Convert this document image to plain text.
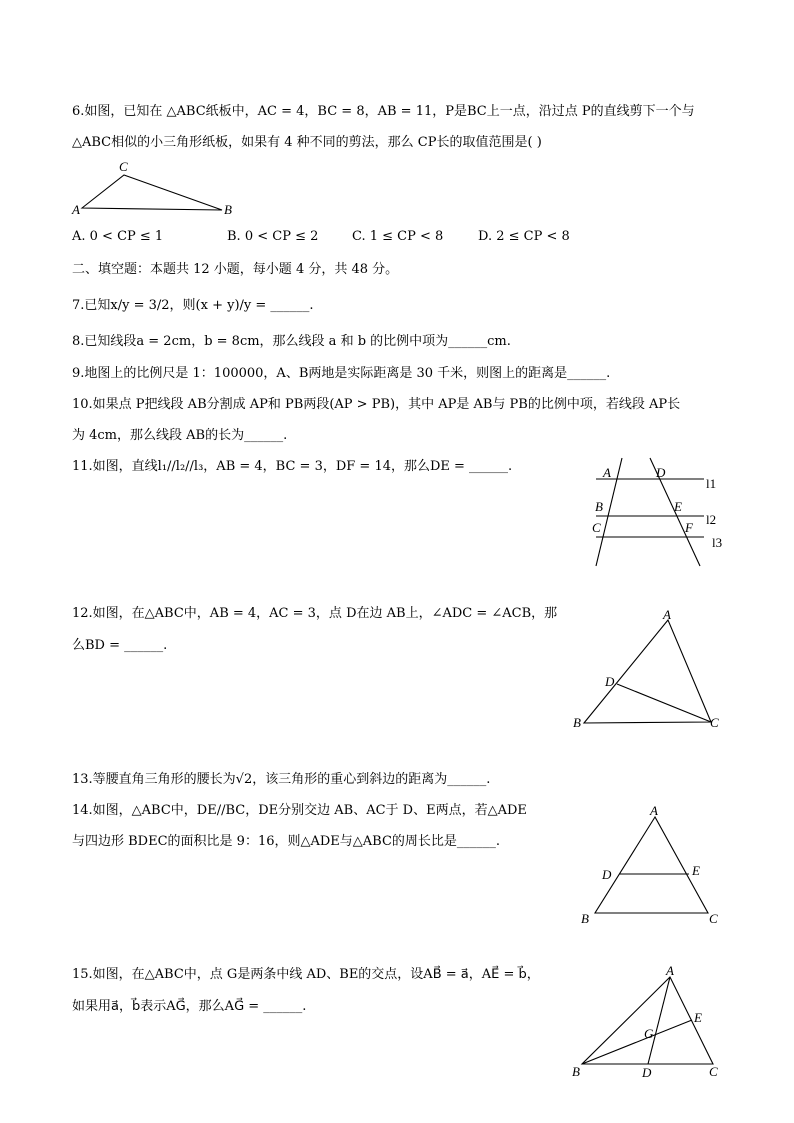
6.如图，已知在 △ABC纸板中，AC = 4，BC = 8，AB = 11，P是BC上一点，沿过点 P的直线剪下一个与
△ABC相似的小三角形纸板，如果有 4 种不同的剪法，那么 CP长的取值范围是( )
C
A	B
A. 0 < CP ≤ 1	B. 0 < CP ≤ 2	C. 1 ≤ CP < 8	D. 2 ≤ CP < 8
二、填空题：本题共 12 小题，每小题 4 分，共 48 分。
7.已知x/y = 3/2，则(x + y)/y = ______.
8.已知线段a = 2cm，b = 8cm，那么线段 a 和 b 的比例中项为______cm.
9.地图上的比例尺是 1：100000，A、B两地是实际距离是 30 千米，则图上的距离是______.
10.如果点 P把线段 AB分割成 AP和 PB两段(AP > PB)，其中 AP是 AB与 PB的比例中项，若线段 AP长
为 4cm，那么线段 AB的长为______.
11.如图，直线l₁//l₂//l₃，AB = 4，BC = 3，DF = 14，那么DE = ______.	A	D
l1
B	E
l2
C	F
l3
12.如图，在△ABC中，AB = 4，AC = 3，点 D在边 AB上，∠ADC = ∠ACB，那
么BD = ______.
A
D
B	C
13.等腰直角三角形的腰长为√2，该三角形的重心到斜边的距离为______.
14.如图，△ABC中，DE//BC，DE分别交边 AB、AC于 D、E两点，若△ADE
与四边形 BDEC的面积比是 9：16，则△ADE与△ABC的周长比是______.
A
D	E
B	C
15.如图，在△ABC中，点 G是两条中线 AD、BE的交点，设AB⃗ = a⃗，AE⃗ = b⃗，
如果用a⃗，b⃗表示AG⃗，那么AG⃗ = ______.
A
E
G
B	D	C
